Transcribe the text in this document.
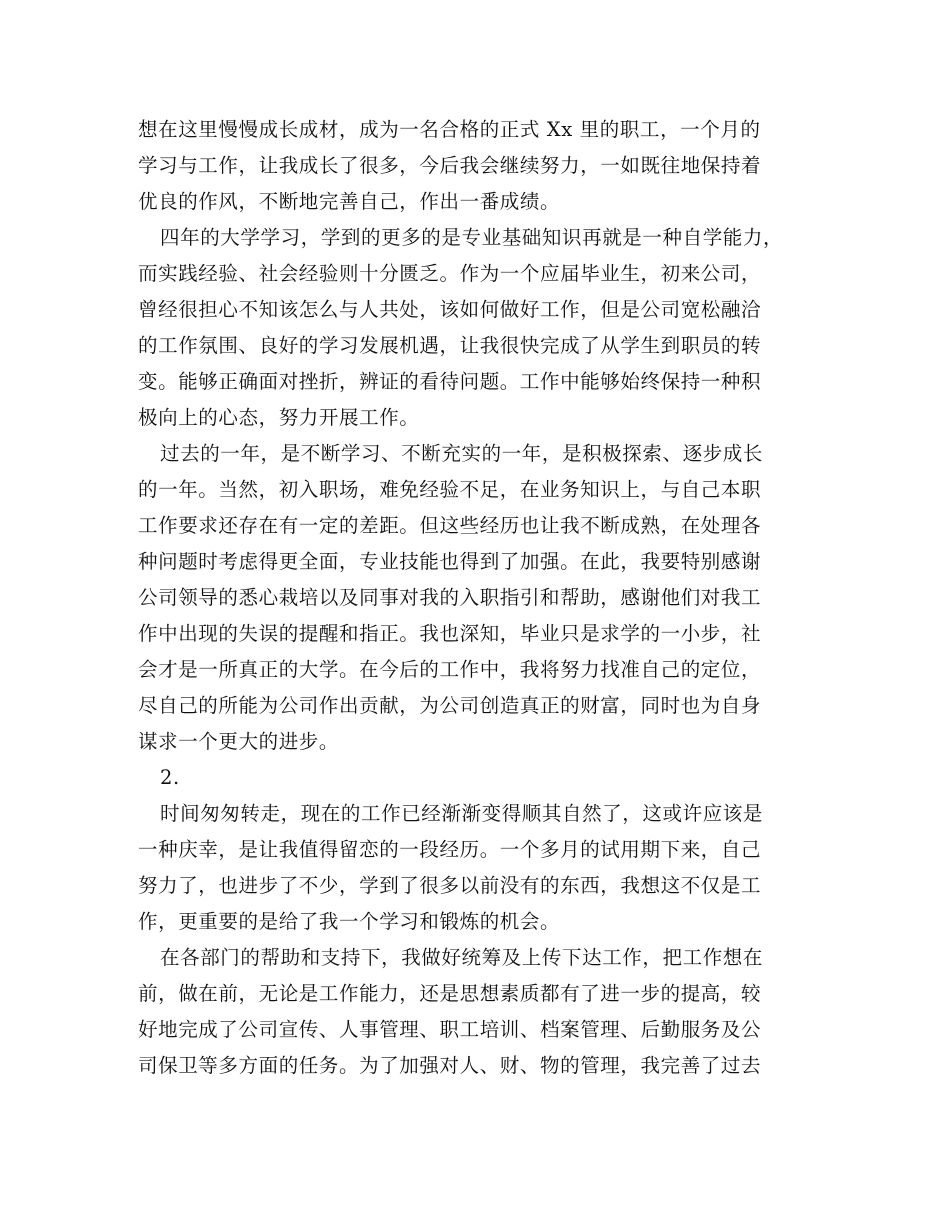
想在这里慢慢成长成材，成为一名合格的正式 Xx 里的职工，一个月的
学习与工作，让我成长了很多，今后我会继续努力，一如既往地保持着
优良的作风，不断地完善自己，作出一番成绩。
四年的大学学习，学到的更多的是专业基础知识再就是一种自学能力，
而实践经验、社会经验则十分匮乏。作为一个应届毕业生，初来公司，
曾经很担心不知该怎么与人共处，该如何做好工作，但是公司宽松融洽
的工作氛围、良好的学习发展机遇，让我很快完成了从学生到职员的转
变。能够正确面对挫折，辨证的看待问题。工作中能够始终保持一种积
极向上的心态，努力开展工作。
过去的一年，是不断学习、不断充实的一年，是积极探索、逐步成长
的一年。当然，初入职场，难免经验不足，在业务知识上，与自己本职
工作要求还存在有一定的差距。但这些经历也让我不断成熟，在处理各
种问题时考虑得更全面，专业技能也得到了加强。在此，我要特别感谢
公司领导的悉心栽培以及同事对我的入职指引和帮助，感谢他们对我工
作中出现的失误的提醒和指正。我也深知，毕业只是求学的一小步，社
会才是一所真正的大学。在今后的工作中，我将努力找准自己的定位，
尽自己的所能为公司作出贡献，为公司创造真正的财富，同时也为自身
谋求一个更大的进步。
2.
时间匆匆转走，现在的工作已经渐渐变得顺其自然了，这或许应该是
一种庆幸，是让我值得留恋的一段经历。一个多月的试用期下来，自己
努力了，也进步了不少，学到了很多以前没有的东西，我想这不仅是工
作，更重要的是给了我一个学习和锻炼的机会。
在各部门的帮助和支持下，我做好统筹及上传下达工作，把工作想在
前，做在前，无论是工作能力，还是思想素质都有了进一步的提高，较
好地完成了公司宣传、人事管理、职工培训、档案管理、后勤服务及公
司保卫等多方面的任务。为了加强对人、财、物的管理，我完善了过去
